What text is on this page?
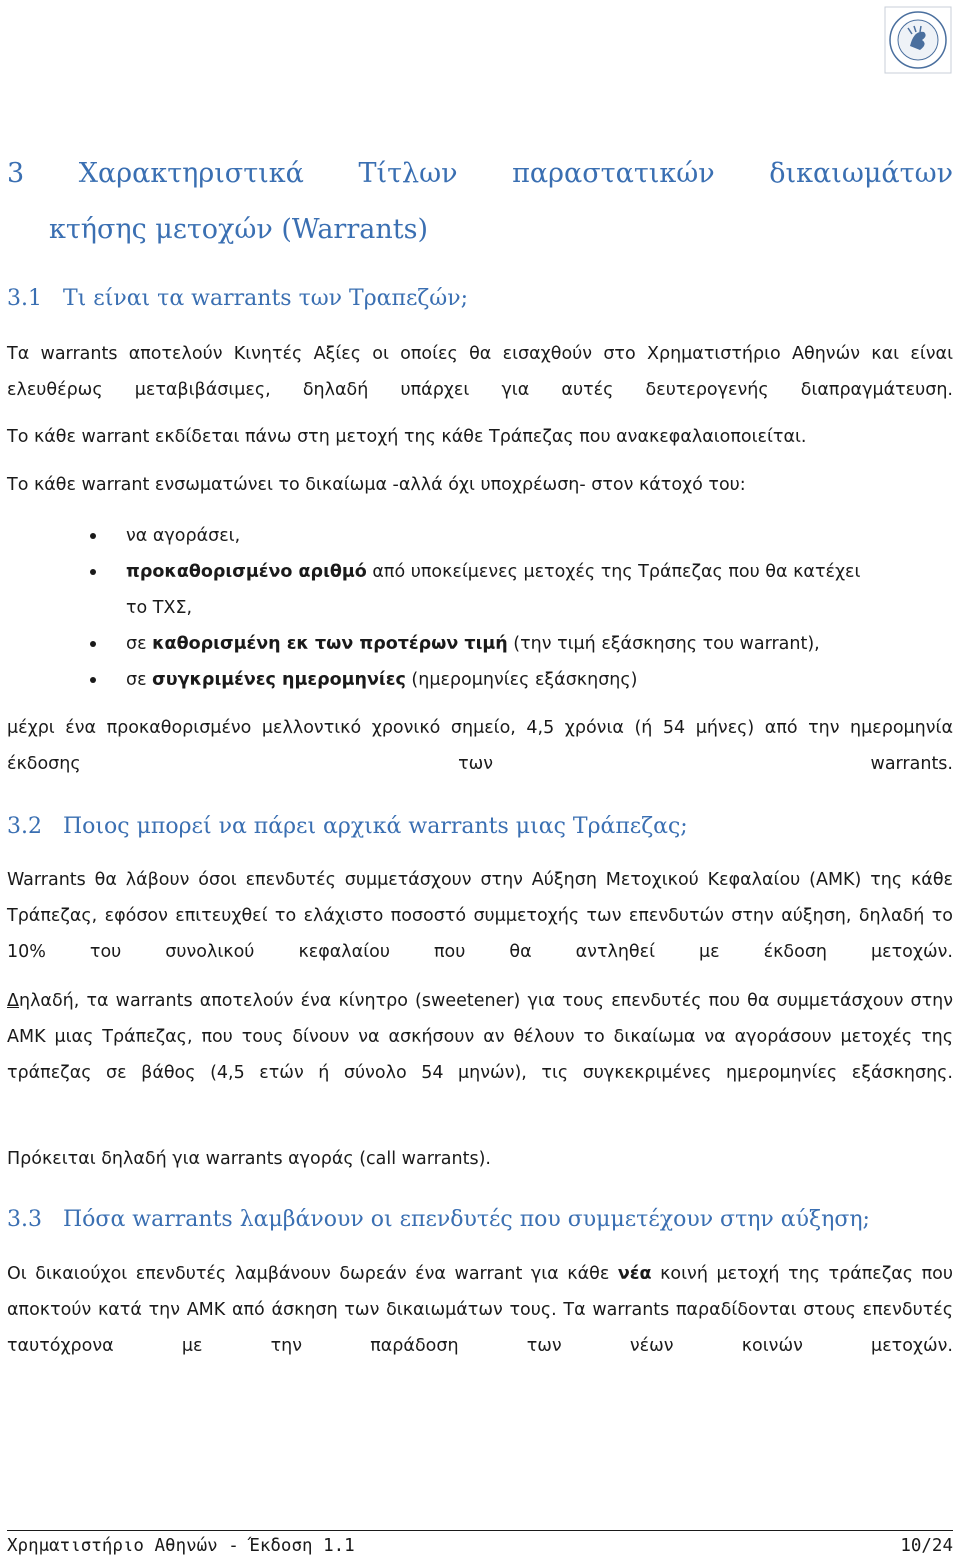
3 Χαρακτηριστικά Τίτλων παραστατικών δικαιωμάτων
κτήσης μετοχών (Warrants)
3.1 Τι είναι τα warrants των Τραπεζών;
Τα warrants αποτελούν Κινητές Αξίες οι οποίες θα εισαχθούν στο Χρηματιστήριο Αθηνών και είναι ελευθέρως μεταβιβάσιμες, δηλαδή υπάρχει για αυτές δευτερογενής διαπραγμάτευση.
Το κάθε warrant εκδίδεται πάνω στη μετοχή της κάθε Τράπεζας που ανακεφαλαιοποιείται.
Το κάθε warrant ενσωματώνει το δικαίωμα -αλλά όχι υποχρέωση- στον κάτοχό του:
να αγοράσει,
προκαθορισμένο αριθμό από υποκείμενες μετοχές της Τράπεζας που θα κατέχει
το ΤΧΣ,
σε καθορισμένη εκ των προτέρων τιμή (την τιμή εξάσκησης του warrant),
σε συγκριμένες ημερομηνίες (ημερομηνίες εξάσκησης)
μέχρι ένα προκαθορισμένο μελλοντικό χρονικό σημείο, 4,5 χρόνια (ή 54 μήνες) από την ημερομηνία έκδοσης των warrants.
3.2 Ποιος μπορεί να πάρει αρχικά warrants μιας Τράπεζας;
Warrants θα λάβουν όσοι επενδυτές συμμετάσχουν στην Αύξηση Μετοχικού Κεφαλαίου (ΑΜΚ) της κάθε Τράπεζας, εφόσον επιτευχθεί το ελάχιστο ποσοστό συμμετοχής των επενδυτών στην αύξηση, δηλαδή το 10% του συνολικού κεφαλαίου που θα αντληθεί με έκδοση μετοχών.
Δηλαδή, τα warrants αποτελούν ένα κίνητρο (sweetener) για τους επενδυτές που θα συμμετάσχουν στην ΑΜΚ μιας Τράπεζας, που τους δίνουν να ασκήσουν αν θέλουν το δικαίωμα να αγοράσουν μετοχές της τράπεζας σε βάθος (4,5 ετών ή σύνολο 54 μηνών), τις συγκεκριμένες ημερομηνίες εξάσκησης.
Πρόκειται δηλαδή για warrants αγοράς (call warrants).
3.3 Πόσα warrants λαμβάνουν οι επενδυτές που συμμετέχουν στην αύξηση;
Οι δικαιούχοι επενδυτές λαμβάνουν δωρεάν ένα warrant για κάθε νέα κοινή μετοχή της τράπεζας που αποκτούν κατά την ΑΜΚ από άσκηση των δικαιωμάτων τους. Τα warrants παραδίδονται στους επενδυτές ταυτόχρονα με την παράδοση των νέων κοινών μετοχών.
Χρηματιστήριο Αθηνών - Έκδοση 1.1	10/24
